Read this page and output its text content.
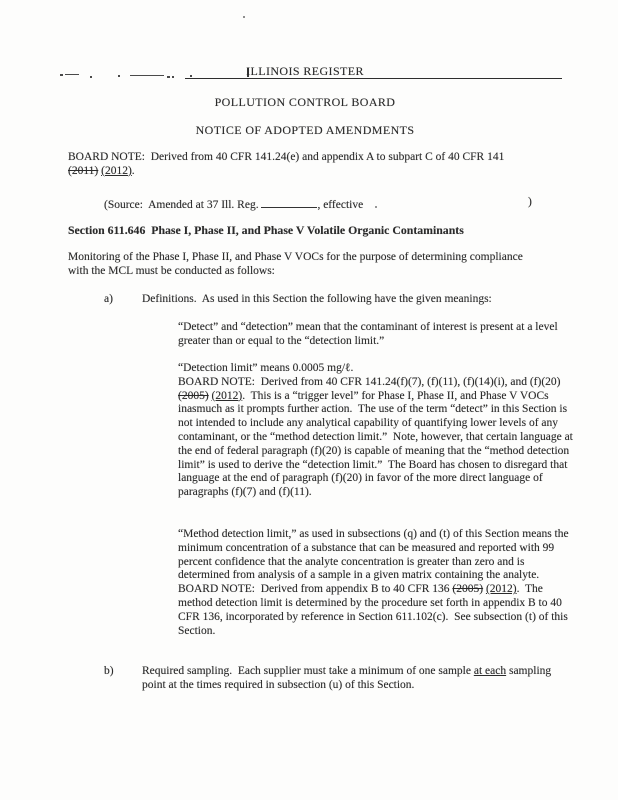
ILLINOIS REGISTER
POLLUTION CONTROL BOARD
NOTICE OF ADOPTED AMENDMENTS
BOARD NOTE:  Derived from 40 CFR 141.24(e) and appendix A to subpart C of 40 CFR 141 (2011) (2012).
(Source:  Amended at 37 Ill. Reg.	, effective	)
Section 611.646  Phase I, Phase II, and Phase V Volatile Organic Contaminants
Monitoring of the Phase I, Phase II, and Phase V VOCs for the purpose of determining compliance with the MCL must be conducted as follows:
a)	Definitions.  As used in this Section the following have the given meanings:
“Detect” and “detection” mean that the contaminant of interest is present at a level greater than or equal to the “detection limit.”
“Detection limit” means 0.0005 mg/ℓ.
BOARD NOTE:  Derived from 40 CFR 141.24(f)(7), (f)(11), (f)(14)(i), and (f)(20) (2005) (2012).  This is a “trigger level” for Phase I, Phase II, and Phase V VOCs inasmuch as it prompts further action.  The use of the term “detect” in this Section is not intended to include any analytical capability of quantifying lower levels of any contaminant, or the “method detection limit.”  Note, however, that certain language at the end of federal paragraph (f)(20) is capable of meaning that the “method detection limit” is used to derive the “detection limit.”  The Board has chosen to disregard that language at the end of paragraph (f)(20) in favor of the more direct language of paragraphs (f)(7) and (f)(11).
“Method detection limit,” as used in subsections (q) and (t) of this Section means the minimum concentration of a substance that can be measured and reported with 99 percent confidence that the analyte concentration is greater than zero and is determined from analysis of a sample in a given matrix containing the analyte.
BOARD NOTE:  Derived from appendix B to 40 CFR 136 (2005) (2012).  The method detection limit is determined by the procedure set forth in appendix B to 40 CFR 136, incorporated by reference in Section 611.102(c).  See subsection (t) of this Section.
b) Required sampling.  Each supplier must take a minimum of one sample at each sampling point at the times required in subsection (u) of this Section.
